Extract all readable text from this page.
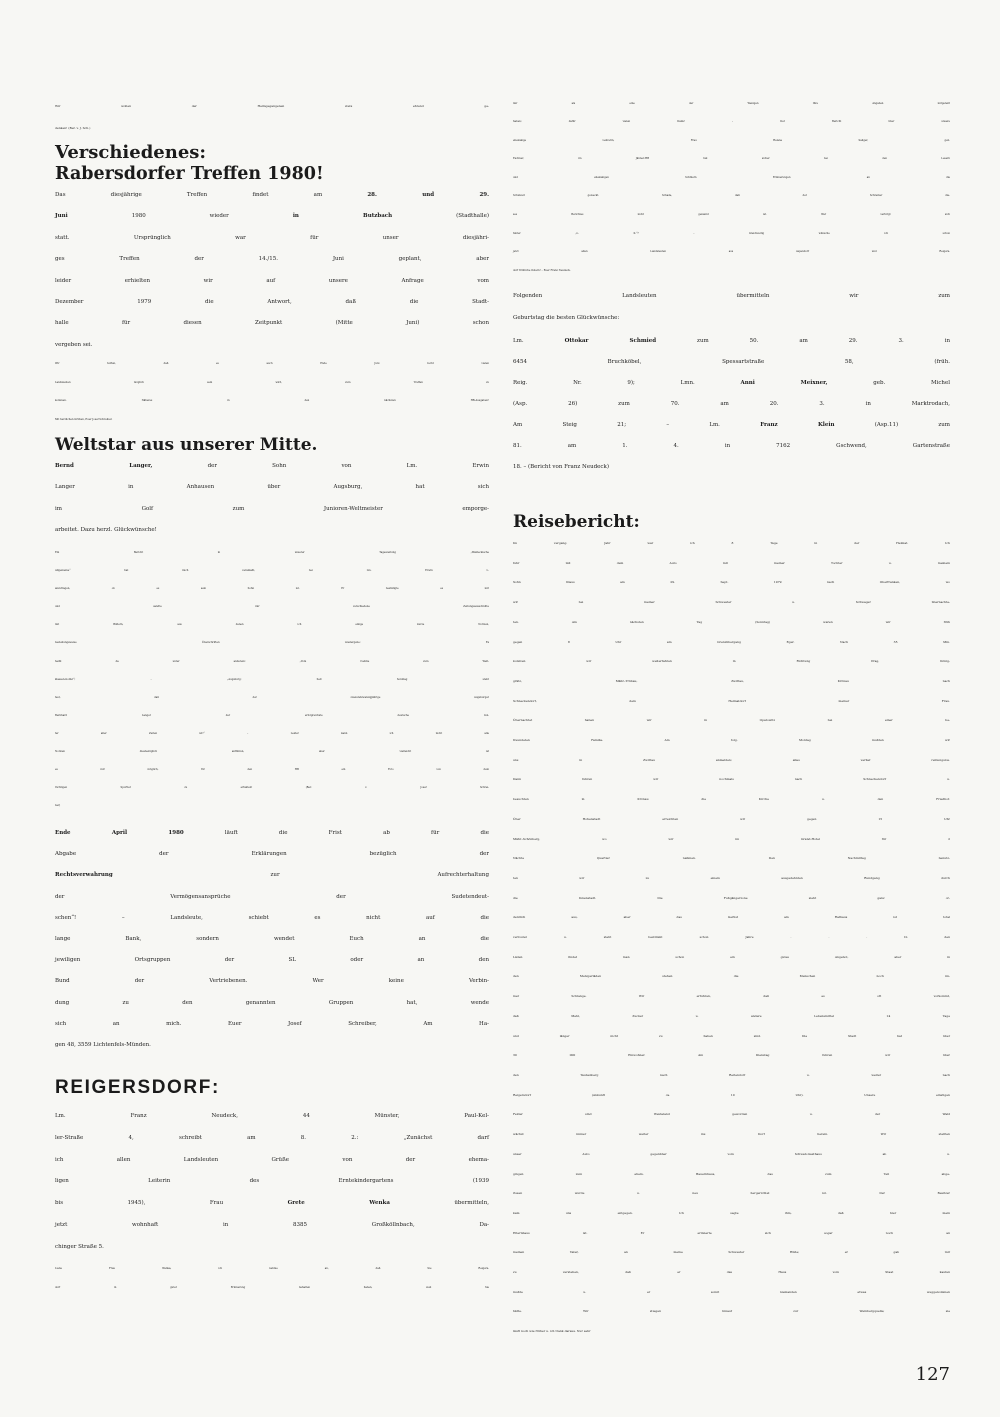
Wir wollen der Heimgegangenen stets ehrend ge-
denken! (Ber. v. J. Sch.)
Verschiedenes:
Rabersdorfer Treffen 1980!
Das diesjährige Treffen findet am 28. und 29.
Juni 1980 wieder in Butzbach (Stadthalle)
statt. Ursprünglich war für unser diesjähri-
ges Treffen der 14./15. Juni geplant, aber
leider erhielten wir auf unsere Anfrage vom
Dezember 1979 die Antwort, daß die Stadt-
halle für diesen Zeitpunkt (Mitte Juni) schon
vergeben sei.
Wir hoffen, daß es auch Ende Juni recht vielen
Landsleuten möglich sein wird, zum Treffen zu
kommen. Näheres in den nächsten HB-Ausgaben!
Mit herzlichen Grüßen, Euer Josef Schreiber.
Weltstar aus unserer Mitte.
Bernd Langer, der Sohn von Lm. Erwin
Langer in Anhausen über Augsburg, hat sich
im Golf zum Junioren-Weltmeister emporge-
arbeitet. Dazu herzl. Glückwünsche!
Ein Bericht in unserer Tageszeitung „Waldeckische
Allgemeine“ hat mich veranlaßt, bei Lm. Erwin L.
anzufragen, ob es sein Sohn ist. Er bestätigte es mir
und sandte mir verschiedene Zeitungsausschnitte
mit Bildern, aus denen ich einige kurze Notizen,
beziehungsweise Überschriften wiedergebe: Es
heißt da unter anderem: „Vom Caddie zum Welt-
klassen-Golfer“; – „Augsburg: Seit Sonntag steht
fest, daß der zweiundzwanzigjährige Augsburger
Bernhard Langer der erfolgreichste deutsche Gol-
fer aller Zeiten ist!“ – Leider kann ich nicht alle
Notizen diesbezüglich anführen, aber vielleicht ist
es mir möglich, für den HB ein Foto von dem
tüchtigen Sportler zu erhalten! (Ber. v. Josef Schrei-
ber)
Ende April 1980 läuft die Frist ab für die
Abgabe der Erklärungen bezüglich der
Rechtsverwahrung zur Aufrechterhaltung
der Vermögensansprüche der Sudetendeut-
schen“! – Landsleute, schiebt es nicht auf die
lange Bank, sondern wendet Euch an die
jewiligen Ortsgruppen der SL oder an den
Bund der Vertriebenen. Wer keine Verbin-
dung zu den genannten Gruppen hat, wende
sich an mich. Euer Josef Schreiber, Am Ha-
gen 48, 3559 Lichtenfels-Münden.
REIGERSDORF:
Lm. Franz Neudeck, 44 Münster, Paul-Kel-
ler-Straße 4, schreibt am 8. 2.: „Zunächst darf
ich allen Landsleuten Grüße von der ehema-
ligen Leiterin des Erntekindergartens (1939
bis 1945), Frau Grete Wenka übermitteln,
jetzt wohnhaft in 8385 Großköllnbach, Da-
chinger Straße 5.
Liebe Frau Wenka, ich nehme an, daß Sie Reigers-
dorf in guter Erinnerung behalten haben, weil Sie
mir als eine der Wenigen Ihre Angaben mitgeteilt
haben; dafür vielen Dank! – Der Bericht über unsere
ehemalige Lehrerin, Frau Helene Saliger, geb.
Eschner, im Jänner-HB hat sicher bei den Lesern
und ehemaligen Schülern Erinnerungen an die
Schulzeit geweckt. Schade, daß der Schreiber die-
ses Berichtes nicht genannt ist. Wer verbirgt sich
hinter „L. K.“? – Gleichzeitig wünsche ich schon
jetzt allen Landsleuten aus Aspendorf und Reigers-
dorf fröhliche Ostern! – Euer Franz Neudeck.
Folgenden Landsleuten übermitteln wir zum
Geburtstag die besten Glückwünsche:
Lm. Ottokar Schmied zum 50. am 29. 3. in
6454 Bruchköbel, Spessartstraße 58, (früh.
Reig. Nr. 9); Lmn. Anni Meixner, geb. Michel
(Asp. 26) zum 70. am 20. 3. in Marktrodach,
Am Steig 21; – Lm. Franz Klein (Asp.11) zum
81. am 1. 4. in 7162 Gschwend, Gartenstraße
18. – (Bericht von Franz Neudeck)
Reisebericht:
Im vergang. Jahr war ich 8 Tage in der Heimat. Ich
fuhr mit dem Auto mit meiner Tochter u. meinem
Sohn Klaus am 29. Sept. 1979 nach Oberfranken, wo
wir bei meiner Schwester u. Schwager übernachte-
ten. Am nächsten Tag (Sonntag) waren wir früh
gegen 8 Uhr am Grenzübergang Eger. Nach 35 Min.
konnten wir weiterfahren in Richtung Prag, König-
grätz, Mähr.-Trübau, Zwittau, Krönau nach
Schneckendorf, dem Heimatdorf meiner Frau.
Übernachtet haben wir in Opatowitz bei einer be-
freundeten Familie. Am folg. Montag mußten wir
uns in Zwittau anmelden; alles verlief reibungslos.
Dann fuhren wir nochmals nach Schneckendorf u.
besuchten in Krönau die Kirche u. den Friedhof.
Über Hohenstadt erreichten wir gegen 15 Uhr
Mähr.-Schönberg, wo wir im Grand-Hotel für 2
Nächte Quartier nahmen. Den Nachmittag benutz-
ten wir zu einem ausgedehnten Rundgang durch
die Innenstadt. Die Fußgängerzone sieht ganz or-
dentlich aus, aber das Gerüst am Rathaus ist total
verrostet u. steht bestimmt schon Jahre . . . In den
Läden findet man schon ein gutes Angebot, aber in
den Metzgerläden stehen die Menschen noch im-
mer Schlange. Wir erfuhren, daß es oft vorkommt,
daß Mehl, Zucker u. andere Lebensmittel 14 Tage
und länger nicht zu haben sind. Die Stadt hat über
30 000 Einwohner. Am Dienstag fuhren wir über
den Taubenberg nach Reitendorf u. weiter nach
Reigersdorf (Ankunft ca. 10 Uhr). Unsere einstigen
Felder sind Weideland geworden u. der Wald
wächst immer weiter ins Dorf herein. Wir stellten
unser Auto gegenüber vom Schwab-Gasthaus ab u.
gingen zum ehem. Bauernhaus, das zum Teil abge-
rissen wurde u. neu hergerichtet ist. Der Besitzer
kam uns entgegen. Ich sagte ihm, daß hier mein
Elternhaus ist. Er erinnerte sich sogar noch an
meinen Vater, an meine Schwester Hilde; er gab mir
zu verstehen, daß er das Haus vom Staat kaufen
mußte u. er somit niemanden etwas weggenommen
hätte. Wir stiegen hinauf zur Weinbergquelle; sie
läuft noch wie früher u. ich trank daraus. Nur sehr
127
